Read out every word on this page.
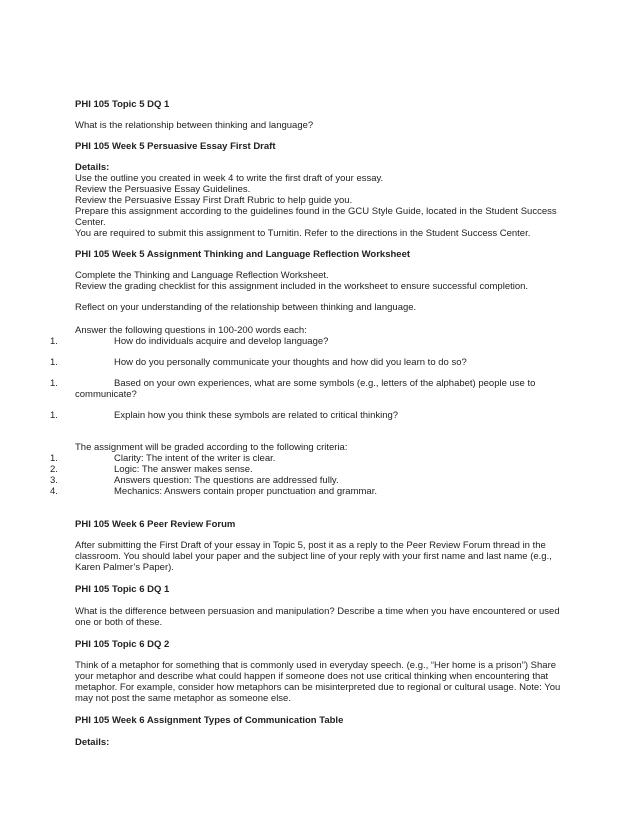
PHI 105 Topic 5 DQ 1
What is the relationship between thinking and language?
PHI 105 Week 5 Persuasive Essay First Draft
Details:
Use the outline you created in week 4 to write the first draft of your essay.
Review the Persuasive Essay Guidelines.
Review the Persuasive Essay First Draft Rubric to help guide you.
Prepare this assignment according to the guidelines found in the GCU Style Guide, located in the Student Success
Center.
You are required to submit this assignment to Turnitin. Refer to the directions in the Student Success Center.
PHI 105 Week 5 Assignment Thinking and Language Reflection Worksheet
Complete the Thinking and Language Reflection Worksheet.
Review the grading checklist for this assignment included in the worksheet to ensure successful completion.
Reflect on your understanding of the relationship between thinking and language.
Answer the following questions in 100-200 words each:
1.	How do individuals acquire and develop language?
1.	How do you personally communicate your thoughts and how did you learn to do so?
1.	Based on your own experiences, what are some symbols (e.g., letters of the alphabet) people use to
communicate?
1.	Explain how you think these symbols are related to critical thinking?
The assignment will be graded according to the following criteria:
1.	Clarity: The intent of the writer is clear.
2.	Logic: The answer makes sense.
3.	Answers question: The questions are addressed fully.
4.	Mechanics: Answers contain proper punctuation and grammar.
PHI 105 Week 6 Peer Review Forum
After submitting the First Draft of your essay in Topic 5, post it as a reply to the Peer Review Forum thread in the
classroom. You should label your paper and the subject line of your reply with your first name and last name (e.g.,
Karen Palmer’s Paper).
PHI 105 Topic 6 DQ 1
What is the difference between persuasion and manipulation? Describe a time when you have encountered or used
one or both of these.
PHI 105 Topic 6 DQ 2
Think of a metaphor for something that is commonly used in everyday speech. (e.g., “Her home is a prison”) Share
your metaphor and describe what could happen if someone does not use critical thinking when encountering that
metaphor. For example, consider how metaphors can be misinterpreted due to regional or cultural usage. Note: You
may not post the same metaphor as someone else.
PHI 105 Week 6 Assignment Types of Communication Table
Details:
